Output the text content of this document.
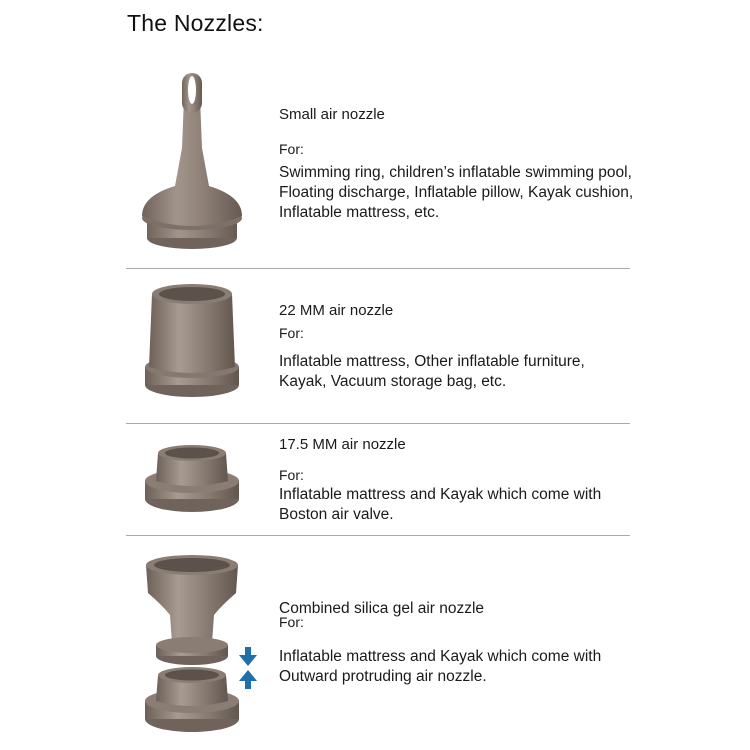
The Nozzles:
Small air nozzle
For:
Swimming ring, children’s inflatable swimming pool, Floating discharge, Inflatable pillow, Kayak cushion, Inflatable mattress, etc.
22 MM air nozzle
For:
Inflatable mattress, Other inflatable furniture, Kayak, Vacuum storage bag, etc.
17.5 MM air nozzle
For:
Inflatable mattress and Kayak which come with Boston air valve.
Combined silica gel air nozzle
For:
Inflatable mattress and Kayak which come with Outward protruding air nozzle.
